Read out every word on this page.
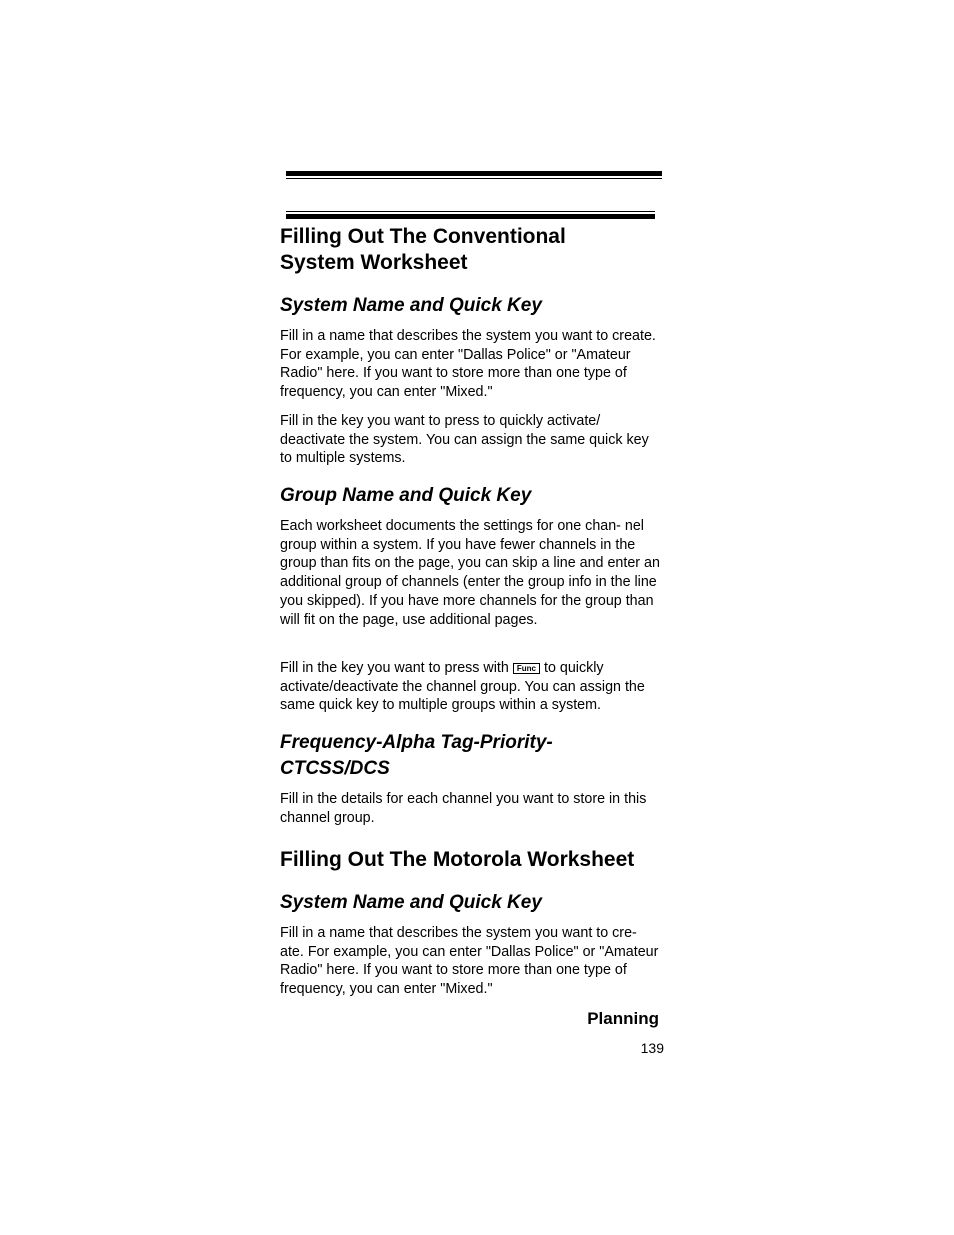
Filling Out The Conventional
System Worksheet
System Name and Quick Key

Fill in a name that describes the system you want to create. For example, you can enter "Dallas Police" or "Amateur Radio" here. If you want to store more than one type of frequency, you can enter "Mixed."

Fill in the key you want to press to quickly activate/ deactivate the system. You can assign the same quick key to multiple systems.

Group Name and Quick Key

Each worksheet documents the settings for one chan- nel group within a system. If you have fewer channels in the group than fits on the page, you can skip a line and enter an additional group of channels (enter the group info in the line you skipped). If you have more channels for the group than will fit on the page, use additional pages.

Fill in the key you want to press with Func to quickly activate/deactivate the channel group. You can assign the same quick key to multiple groups within a system.

Frequency-Alpha Tag-Priority-
CTCSS/DCS

Fill in the details for each channel you want to store in this channel group.

Filling Out The Motorola Worksheet
System Name and Quick Key

Fill in a name that describes the system you want to cre- ate. For example, you can enter "Dallas Police" or "Amateur Radio" here. If you want to store more than one type of frequency, you can enter "Mixed."

Planning
139
